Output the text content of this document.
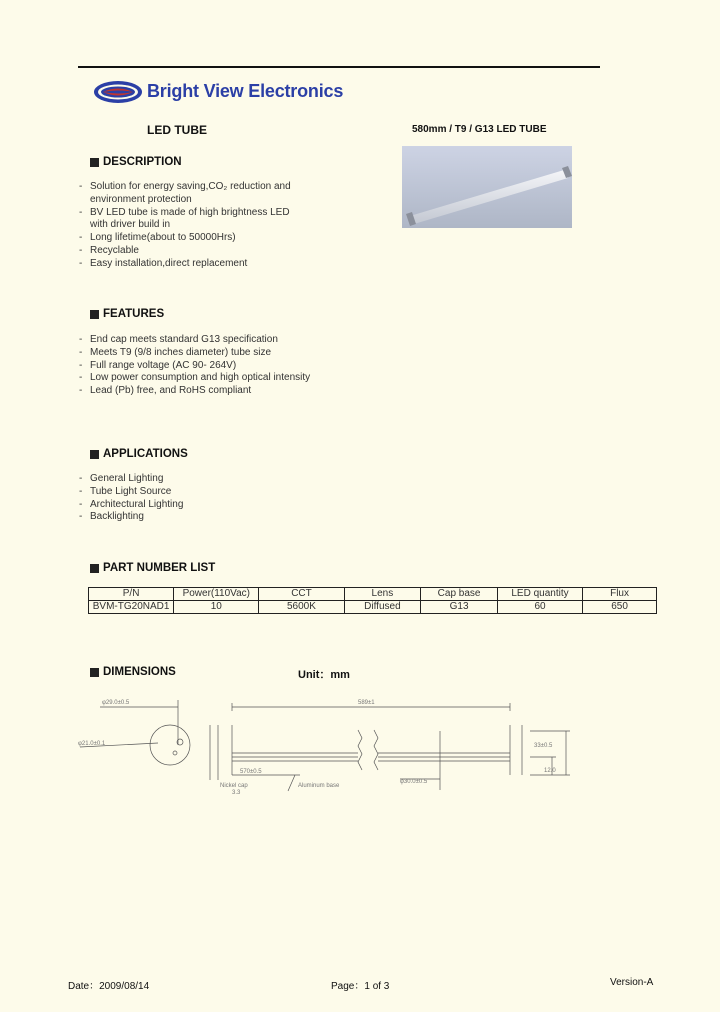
Bright View Electronics
LED TUBE	580mm / T9 / G13 LED TUBE
DESCRIPTION
- Solution for energy saving,CO₂ reduction and
environment protection
- BV LED tube is made of high brightness LED
with driver build in
- Long lifetime(about to 50000Hrs)
- Recyclable
- Easy installation,direct replacement
FEATURES
- End cap meets standard G13 specification
- Meets T9 (9/8 inches diameter) tube size
- Full range voltage (AC 90- 264V)
- Low power consumption and high optical intensity
- Lead (Pb) free, and RoHS compliant
APPLICATIONS
- General Lighting
- Tube Light Source
- Architectural Lighting
- Backlighting
PART NUMBER LIST
P/N	Power(110Vac)	CCT	Lens	Cap base	LED quantity	Flux
BVM-TG20NAD1	10	5600K	Diffused	G13	60	650
DIMENSIONS	Unit：mm
φ29.0±0.5	589±1
φ21.0±0.1	33±0.5
12.0
Nickel cap
3.3
570±0.5
Aluminum base
φ30.0±0.5
Date：2009/08/14	Page：1 of 3	Version-A
